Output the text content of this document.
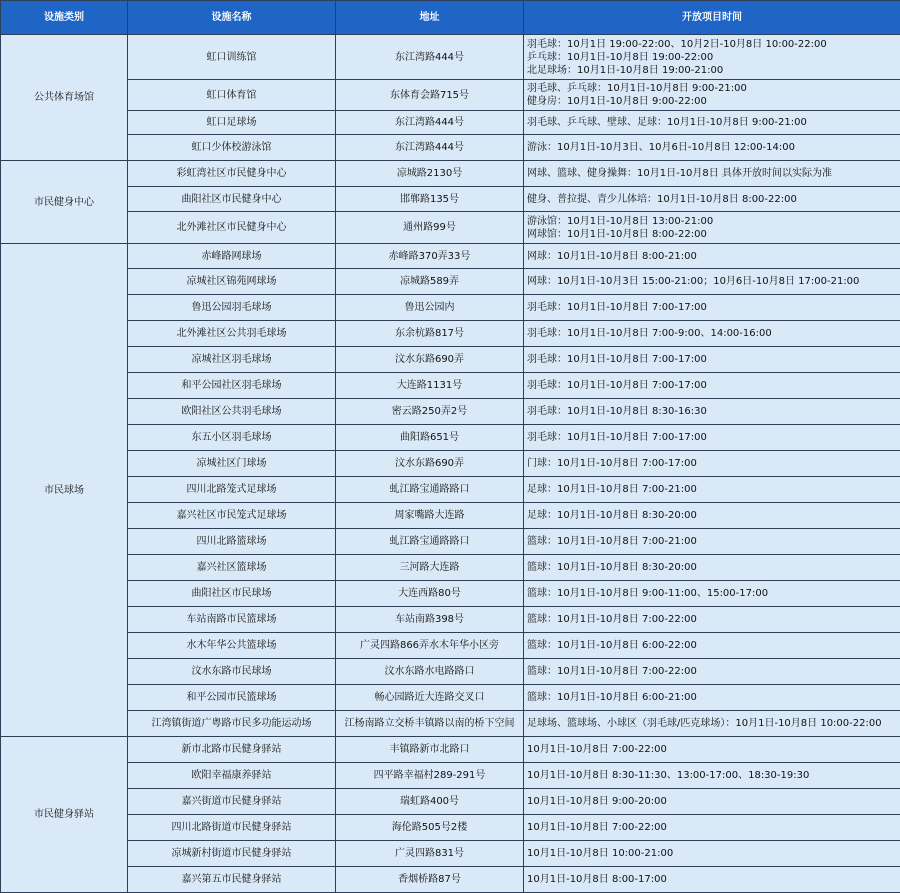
设施类别	设施名称	地址	开放项目时间
公共体育场馆	虹口训练馆	东江湾路444号	羽毛球：10月1日 19:00-22:00、10月2日-10月8日 10:00-22:00
乒乓球：10月1日-10月8日 19:00-22:00
北足球场：10月1日-10月8日 19:00-21:00
	虹口体育馆	东体育会路715号	羽毛球、乒乓球：10月1日-10月8日 9:00-21:00
健身房：10月1日-10月8日 9:00-22:00
	虹口足球场	东江湾路444号	羽毛球、乒乓球、壁球、足球：10月1日-10月8日 9:00-21:00
	虹口少体校游泳馆	东江湾路444号	游泳：10月1日-10月3日、10月6日-10月8日 12:00-14:00
市民健身中心	彩虹湾社区市民健身中心	凉城路2130号	网球、篮球、健身操舞：10月1日-10月8日 具体开放时间以实际为准
	曲阳社区市民健身中心	邯郸路135号	健身、普拉提、青少儿体培：10月1日-10月8日 8:00-22:00
	北外滩社区市民健身中心	通州路99号	游泳馆：10月1日-10月8日 13:00-21:00
网球馆：10月1日-10月8日 8:00-22:00
市民球场	赤峰路网球场	赤峰路370弄33号	网球：10月1日-10月8日 8:00-21:00
	凉城社区锦苑网球场	凉城路589弄	网球：10月1日-10月3日 15:00-21:00；10月6日-10月8日 17:00-21:00
	鲁迅公园羽毛球场	鲁迅公园内	羽毛球：10月1日-10月8日 7:00-17:00
	北外滩社区公共羽毛球场	东余杭路817号	羽毛球：10月1日-10月8日 7:00-9:00、14:00-16:00
	凉城社区羽毛球场	汶水东路690弄	羽毛球：10月1日-10月8日 7:00-17:00
	和平公园社区羽毛球场	大连路1131号	羽毛球：10月1日-10月8日 7:00-17:00
	欧阳社区公共羽毛球场	密云路250弄2号	羽毛球：10月1日-10月8日 8:30-16:30
	东五小区羽毛球场	曲阳路651号	羽毛球：10月1日-10月8日 7:00-17:00
	凉城社区门球场	汶水东路690弄	门球：10月1日-10月8日 7:00-17:00
	四川北路笼式足球场	虬江路宝通路路口	足球：10月1日-10月8日 7:00-21:00
	嘉兴社区市民笼式足球场	周家嘴路大连路	足球：10月1日-10月8日 8:30-20:00
	四川北路篮球场	虬江路宝通路路口	篮球：10月1日-10月8日 7:00-21:00
	嘉兴社区篮球场	三河路大连路	篮球：10月1日-10月8日 8:30-20:00
	曲阳社区市民球场	大连西路80号	篮球：10月1日-10月8日 9:00-11:00、15:00-17:00
	车站南路市民篮球场	车站南路398号	篮球：10月1日-10月8日 7:00-22:00
	水木年华公共篮球场	广灵四路866弄水木年华小区旁	篮球：10月1日-10月8日 6:00-22:00
	汶水东路市民球场	汶水东路水电路路口	篮球：10月1日-10月8日 7:00-22:00
	和平公园市民篮球场	畅心园路近大连路交叉口	篮球：10月1日-10月8日 6:00-21:00
	江湾镇街道广粤路市民多功能运动场	江杨南路立交桥丰镇路以南的桥下空间	足球场、篮球场、小球区（羽毛球/匹克球场）：10月1日-10月8日 10:00-22:00
市民健身驿站	新市北路市民健身驿站	丰镇路新市北路口	10月1日-10月8日 7:00-22:00
	欧阳幸福康养驿站	四平路幸福村289-291号	10月1日-10月8日 8:30-11:30、13:00-17:00、18:30-19:30
	嘉兴街道市民健身驿站	瑞虹路400号	10月1日-10月8日 9:00-20:00
	四川北路街道市民健身驿站	海伦路505号2楼	10月1日-10月8日 7:00-22:00
	凉城新村街道市民健身驿站	广灵四路831号	10月1日-10月8日 10:00-21:00
	嘉兴第五市民健身驿站	香烟桥路87号	10月1日-10月8日 8:00-17:00
